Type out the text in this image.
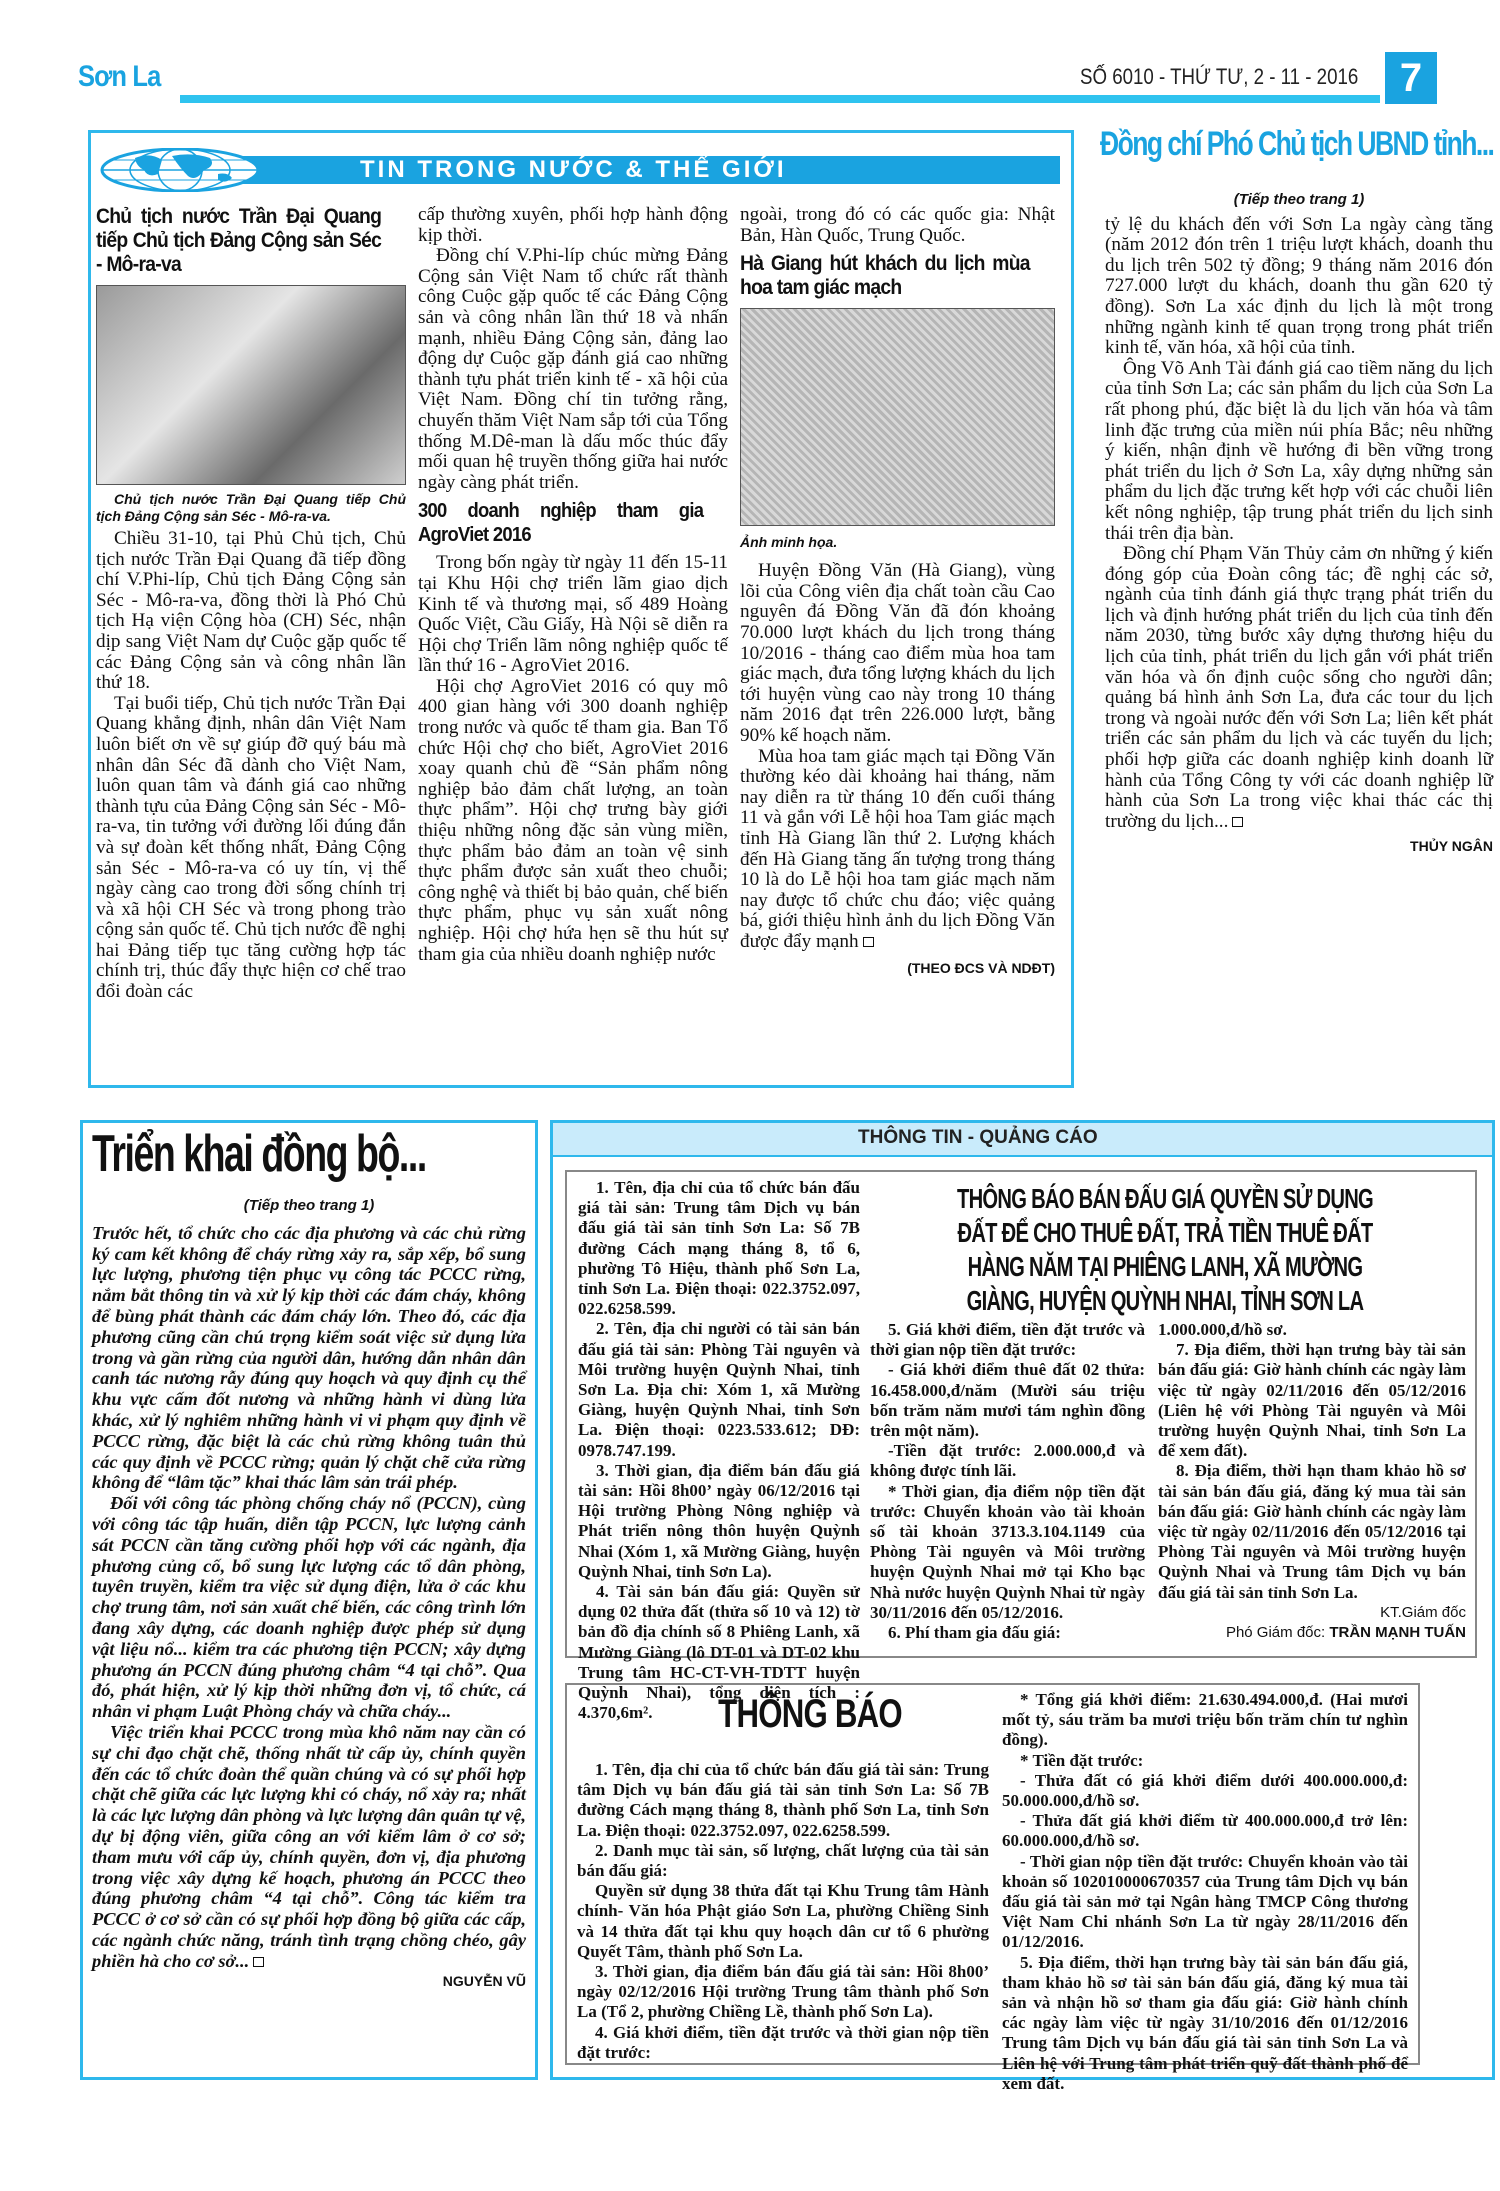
Sơn La	SỐ 6010 - THỨ TƯ, 2 - 11 - 2016	7
TIN TRONG NƯỚC & THẾ GIỚI
Chủ tịch nước Trần Đại Quang tiếp Chủ tịch Đảng Cộng sản Séc - Mô-ra-va

Chủ tịch nước Trần Đại Quang tiếp Chủ tịch Đảng Cộng sản Séc - Mô-ra-va.

Chiều 31-10, tại Phủ Chủ tịch, Chủ tịch nước Trần Đại Quang đã tiếp đồng chí V.Phi-líp, Chủ tịch Đảng Cộng sản Séc - Mô-ra-va, đồng thời là Phó Chủ tịch Hạ viện Cộng hòa (CH) Séc, nhận dịp sang Việt Nam dự Cuộc gặp quốc tế các Đảng Cộng sản và công nhân lần thứ 18.

Tại buổi tiếp, Chủ tịch nước Trần Đại Quang khẳng định, nhân dân Việt Nam luôn biết ơn về sự giúp đỡ quý báu mà nhân dân Séc đã dành cho Việt Nam, luôn quan tâm và đánh giá cao những thành tựu của Đảng Cộng sản Séc - Mô-ra-va, tin tưởng với đường lối đúng đắn và sự đoàn kết thống nhất, Đảng Cộng sản Séc - Mô-ra-va có uy tín, vị thế ngày càng cao trong đời sống chính trị và xã hội CH Séc và trong phong trào cộng sản quốc tế. Chủ tịch nước đề nghị hai Đảng tiếp tục tăng cường hợp tác chính trị, thúc đẩy thực hiện cơ chế trao đổi đoàn các

cấp thường xuyên, phối hợp hành động kịp thời.

Đồng chí V.Phi-líp chúc mừng Đảng Cộng sản Việt Nam tổ chức rất thành công Cuộc gặp quốc tế các Đảng Cộng sản và công nhân lần thứ 18 và nhấn mạnh, nhiều Đảng Cộng sản, đảng lao động dự Cuộc gặp đánh giá cao những thành tựu phát triển kinh tế - xã hội của Việt Nam. Đồng chí tin tưởng rằng, chuyến thăm Việt Nam sắp tới của Tổng thống M.Dê-man là dấu mốc thúc đẩy mối quan hệ truyền thống giữa hai nước ngày càng phát triển.

300 doanh nghiệp tham gia AgroViet 2016

Trong bốn ngày từ ngày 11 đến 15-11 tại Khu Hội chợ triển lãm giao dịch Kinh tế và thương mại, số 489 Hoàng Quốc Việt, Cầu Giấy, Hà Nội sẽ diễn ra Hội chợ Triển lãm nông nghiệp quốc tế lần thứ 16 - AgroViet 2016.

Hội chợ AgroViet 2016 có quy mô 400 gian hàng với 300 doanh nghiệp trong nước và quốc tế tham gia. Ban Tổ chức Hội chợ cho biết, AgroViet 2016 xoay quanh chủ đề “Sản phẩm nông nghiệp bảo đảm chất lượng, an toàn thực phẩm”. Hội chợ trưng bày giới thiệu những nông đặc sản vùng miền, thực phẩm bảo đảm an toàn vệ sinh thực phẩm được sản xuất theo chuỗi; công nghệ và thiết bị bảo quản, chế biến thực phẩm, phục vụ sản xuất nông nghiệp. Hội chợ hứa hẹn sẽ thu hút sự tham gia của nhiều doanh nghiệp nước

ngoài, trong đó có các quốc gia: Nhật Bản, Hàn Quốc, Trung Quốc.

Hà Giang hút khách du lịch mùa hoa tam giác mạch

Ảnh minh họa.

Huyện Đồng Văn (Hà Giang), vùng lõi của Công viên địa chất toàn cầu Cao nguyên đá Đồng Văn đã đón khoảng 70.000 lượt khách du lịch trong tháng 10/2016 - tháng cao điểm mùa hoa tam giác mạch, đưa tổng lượng khách du lịch tới huyện vùng cao này trong 10 tháng năm 2016 đạt trên 226.000 lượt, bằng 90% kế hoạch năm.

Mùa hoa tam giác mạch tại Đồng Văn thường kéo dài khoảng hai tháng, năm nay diễn ra từ tháng 10 đến cuối tháng 11 và gắn với Lễ hội hoa Tam giác mạch tỉnh Hà Giang lần thứ 2. Lượng khách đến Hà Giang tăng ấn tượng trong tháng 10 là do Lễ hội hoa tam giác mạch năm nay được tổ chức chu đáo; việc quảng bá, giới thiệu hình ảnh du lịch Đồng Văn được đẩy mạnh

(THEO ĐCS VÀ NDĐT)
Đồng chí Phó Chủ tịch UBND tỉnh...
(Tiếp theo trang 1)

tỷ lệ du khách đến với Sơn La ngày càng tăng (năm 2012 đón trên 1 triệu lượt khách, doanh thu du lịch trên 502 tỷ đồng; 9 tháng năm 2016 đón 727.000 lượt du khách, doanh thu gần 620 tỷ đồng). Sơn La xác định du lịch là một trong những ngành kinh tế quan trọng trong phát triển kinh tế, văn hóa, xã hội của tỉnh.

Ông Võ Anh Tài đánh giá cao tiềm năng du lịch của tỉnh Sơn La; các sản phẩm du lịch của Sơn La rất phong phú, đặc biệt là du lịch văn hóa và tâm linh đặc trưng của miền núi phía Bắc; nêu những ý kiến, nhận định về hướng đi bền vững trong phát triển du lịch ở Sơn La, xây dựng những sản phẩm du lịch đặc trưng kết hợp với các chuỗi liên kết nông nghiệp, tập trung phát triển du lịch sinh thái trên địa bàn.

Đồng chí Phạm Văn Thủy cảm ơn những ý kiến đóng góp của Đoàn công tác; đề nghị các sở, ngành của tỉnh đánh giá thực trạng phát triển du lịch và định hướng phát triển du lịch của tỉnh đến năm 2030, từng bước xây dựng thương hiệu du lịch của tỉnh, phát triển du lịch gắn với phát triển văn hóa và ổn định cuộc sống cho người dân; quảng bá hình ảnh Sơn La, đưa các tour du lịch trong và ngoài nước đến với Sơn La; liên kết phát triển các sản phẩm du lịch và các tuyến du lịch; phối hợp giữa các doanh nghiệp kinh doanh lữ hành của Tổng Công ty với các doanh nghiệp lữ hành của Sơn La trong việc khai thác các thị trường du lịch...

THỦY NGÂN
Triển khai đồng bộ...
(Tiếp theo trang 1)

Trước hết, tổ chức cho các địa phương và các chủ rừng ký cam kết không để cháy rừng xảy ra, sắp xếp, bổ sung lực lượng, phương tiện phục vụ công tác PCCC rừng, nắm bắt thông tin và xử lý kịp thời các đám cháy, không để bùng phát thành các đám cháy lớn. Theo đó, các địa phương cũng cần chú trọng kiểm soát việc sử dụng lửa trong và gần rừng của người dân, hướng dẫn nhân dân canh tác nương rẫy đúng quy hoạch và quy định cụ thể khu vực cấm đốt nương và những hành vi dùng lửa khác, xử lý nghiêm những hành vi vi phạm quy định về PCCC rừng, đặc biệt là các chủ rừng không tuân thủ các quy định về PCCC rừng; quản lý chặt chẽ cửa rừng không để “lâm tặc” khai thác lâm sản trái phép.

Đối với công tác phòng chống cháy nổ (PCCN), cùng với công tác tập huấn, diễn tập PCCN, lực lượng cảnh sát PCCN cần tăng cường phối hợp với các ngành, địa phương củng cố, bổ sung lực lượng các tổ dân phòng, tuyên truyền, kiểm tra việc sử dụng điện, lửa ở các khu chợ trung tâm, nơi sản xuất chế biến, các công trình lớn đang xây dựng, các doanh nghiệp được phép sử dụng vật liệu nổ... kiểm tra các phương tiện PCCN; xây dựng phương án PCCN đúng phương châm “4 tại chỗ”. Qua đó, phát hiện, xử lý kịp thời những đơn vị, tổ chức, cá nhân vi phạm Luật Phòng cháy và chữa cháy...

Việc triển khai PCCC trong mùa khô năm nay cần có sự chỉ đạo chặt chẽ, thống nhất từ cấp ủy, chính quyền đến các tổ chức đoàn thể quần chúng và có sự phối hợp chặt chẽ giữa các lực lượng khi có cháy, nổ xảy ra; nhất là các lực lượng dân phòng và lực lượng dân quân tự vệ, dự bị động viên, giữa công an với kiểm lâm ở cơ sở; tham mưu với cấp ủy, chính quyền, đơn vị, địa phương trong việc xây dựng kế hoạch, phương án PCCC theo đúng phương châm “4 tại chỗ”. Công tác kiểm tra PCCC ở cơ sở cần có sự phối hợp đồng bộ giữa các cấp, các ngành chức năng, tránh tình trạng chồng chéo, gây phiền hà cho cơ sở...

NGUYỄN VŨ
THÔNG TIN - QUẢNG CÁO
THÔNG BÁO BÁN ĐẤU GIÁ QUYỀN SỬ DỤNG ĐẤT ĐỂ CHO THUÊ ĐẤT, TRẢ TIỀN THUÊ ĐẤT HÀNG NĂM TẠI PHIÊNG LANH, XÃ MƯỜNG GIÀNG, HUYỆN QUỲNH NHAI, TỈNH SƠN LA

1. Tên, địa chỉ của tổ chức bán đấu giá tài sản: Trung tâm Dịch vụ bán đấu giá tài sản tỉnh Sơn La: Số 7B đường Cách mạng tháng 8, tổ 6, phường Tô Hiệu, thành phố Sơn La, tỉnh Sơn La. Điện thoại: 022.3752.097, 022.6258.599.

2. Tên, địa chỉ người có tài sản bán đấu giá tài sản: Phòng Tài nguyên và Môi trường huyện Quỳnh Nhai, tỉnh Sơn La. Địa chỉ: Xóm 1, xã Mường Giàng, huyện Quỳnh Nhai, tỉnh Sơn La. Điện thoại: 0223.533.612; DĐ: 0978.747.199.

3. Thời gian, địa điểm bán đấu giá tài sản: Hồi 8h00’ ngày 06/12/2016 tại Hội trường Phòng Nông nghiệp và Phát triển nông thôn huyện Quỳnh Nhai (Xóm 1, xã Mường Giàng, huyện Quỳnh Nhai, tỉnh Sơn La).

4. Tài sản bán đấu giá: Quyền sử dụng 02 thửa đất (thửa số 10 và 12) tờ bản đồ địa chính số 8 Phiêng Lanh, xã Mường Giàng (lô DT-01 và DT-02 khu Trung tâm HC-CT-VH-TDTT huyện Quỳnh Nhai), tổng diện tích : 4.370,6m².

5. Giá khởi điểm, tiền đặt trước và thời gian nộp tiền đặt trước:

- Giá khởi điểm thuê đất 02 thửa: 16.458.000,đ/năm (Mười sáu triệu bốn trăm năm mươi tám nghìn đồng trên một năm).

-Tiền đặt trước: 2.000.000,đ và không được tính lãi.

* Thời gian, địa điểm nộp tiền đặt trước: Chuyển khoản vào tài khoản số tài khoản 3713.3.104.1149 của Phòng Tài nguyên và Môi trường huyện Quỳnh Nhai mở tại Kho bạc Nhà nước huyện Quỳnh Nhai từ ngày 30/11/2016 đến 05/12/2016.

6. Phí tham gia đấu giá:

1.000.000,đ/hồ sơ.

7. Địa điểm, thời hạn trưng bày tài sản bán đấu giá: Giờ hành chính các ngày làm việc từ ngày 02/11/2016 đến 05/12/2016 (Liên hệ với Phòng Tài nguyên và Môi trường huyện Quỳnh Nhai, tỉnh Sơn La để xem đất).

8. Địa điểm, thời hạn tham khảo hồ sơ tài sản bán đấu giá, đăng ký mua tài sản bán đấu giá: Giờ hành chính các ngày làm việc từ ngày 02/11/2016 đến 05/12/2016 tại Phòng Tài nguyên và Môi trường huyện Quỳnh Nhai và Trung tâm Dịch vụ bán đấu giá tài sản tỉnh Sơn La.

KT.Giám đốc
Phó Giám đốc: TRẦN MẠNH TUẤN
THÔNG BÁO

1. Tên, địa chỉ của tổ chức bán đấu giá tài sản: Trung tâm Dịch vụ bán đấu giá tài sản tỉnh Sơn La: Số 7B đường Cách mạng tháng 8, thành phố Sơn La, tỉnh Sơn La. Điện thoại: 022.3752.097, 022.6258.599.

2. Danh mục tài sản, số lượng, chất lượng của tài sản bán đấu giá:

Quyền sử dụng 38 thửa đất tại Khu Trung tâm Hành chính- Văn hóa Phật giáo Sơn La, phường Chiềng Sinh và 14 thửa đất tại khu quy hoạch dân cư tổ 6 phường Quyết Tâm, thành phố Sơn La.

3. Thời gian, địa điểm bán đấu giá tài sản: Hồi 8h00’ ngày 02/12/2016 Hội trường Trung tâm thành phố Sơn La (Tổ 2, phường Chiềng Lề, thành phố Sơn La).

4. Giá khởi điểm, tiền đặt trước và thời gian nộp tiền đặt trước:

* Tổng giá khởi điểm: 21.630.494.000,đ. (Hai mươi mốt tỷ, sáu trăm ba mươi triệu bốn trăm chín tư nghìn đồng).

* Tiền đặt trước:

- Thửa đất có giá khởi điểm dưới 400.000.000,đ: 50.000.000,đ/hồ sơ.

- Thửa đất giá khởi điểm từ 400.000.000,đ trở lên: 60.000.000,đ/hồ sơ.

- Thời gian nộp tiền đặt trước: Chuyển khoản vào tài khoản số 102010000670357 của Trung tâm Dịch vụ bán đấu giá tài sản mở tại Ngân hàng TMCP Công thương Việt Nam Chi nhánh Sơn La từ ngày 28/11/2016 đến 01/12/2016.

5. Địa điểm, thời hạn trưng bày tài sản bán đấu giá, tham khảo hồ sơ tài sản bán đấu giá, đăng ký mua tài sản và nhận hồ sơ tham gia đấu giá: Giờ hành chính các ngày làm việc từ ngày 31/10/2016 đến 01/12/2016 Trung tâm Dịch vụ bán đấu giá tài sản tỉnh Sơn La và Liên hệ với Trung tâm phát triển quỹ đất thành phố để xem đất.
